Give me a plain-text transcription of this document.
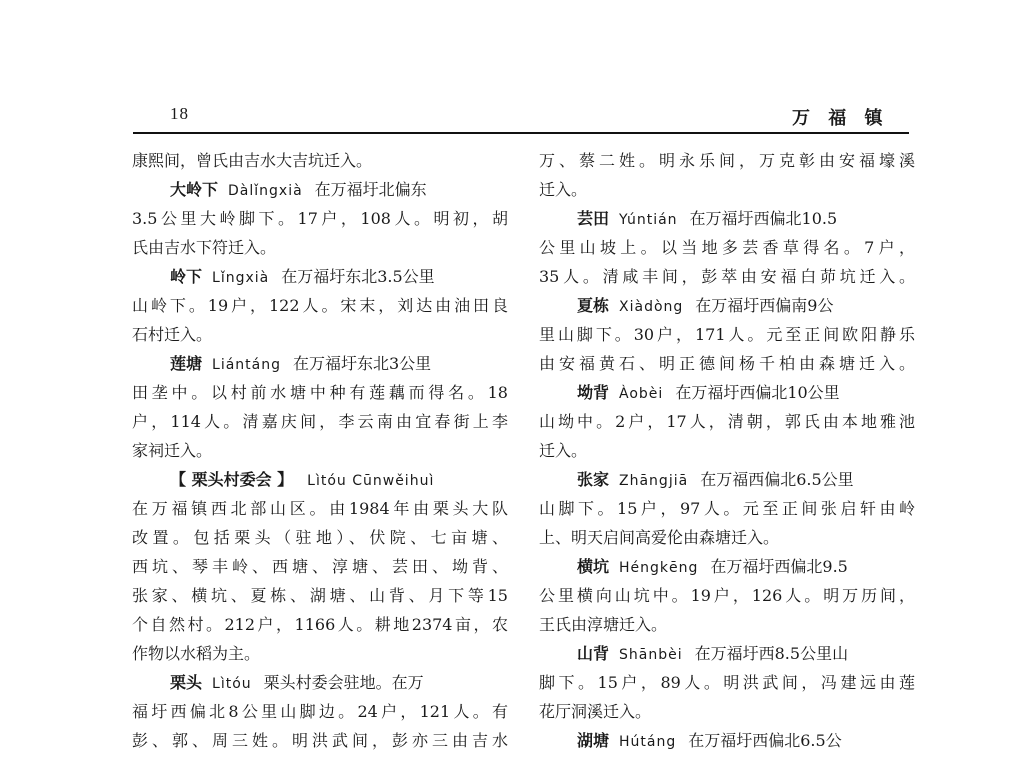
18	万 福 镇
康熙间，曾氏由吉水大吉坑迁入。
大岭下 Dàlǐngxià 在万福圩北偏东
3.5公里大岭脚下。17户，108人。明初，胡
氏由吉水下符迁入。
岭下 Lǐngxià 在万福圩东北3.5公里
山岭下。19户，122人。宋末，刘达由油田良
石村迁入。
莲塘 Liántáng 在万福圩东北3公里
田垄中。以村前水塘中种有莲藕而得名。18
户，114人。清嘉庆间，李云南由宜春街上李
家祠迁入。
【 栗头村委会 】 Lìtóu Cūnwěihuì
在万福镇西北部山区。由1984年由栗头大队
改置。包括栗头（驻地）、伏院、七亩塘、
西坑、琴丰岭、西塘、淳塘、芸田、坳背、
张家、横坑、夏栋、湖塘、山背、月下等15
个自然村。212户，1166人。耕地2374亩，农
作物以水稻为主。
栗头 Lìtóu 栗头村委会驻地。在万
福圩西偏北8公里山脚边。24户，121人。有
彭、郭、周三姓。明洪武间，彭亦三由吉水
万、蔡二姓。明永乐间，万克彰由安福壕溪
迁入。
芸田 Yúntián 在万福圩西偏北10.5
公里山坡上。以当地多芸香草得名。7户，
35人。清咸丰间，彭萃由安福白茆坑迁入。
夏栋 Xiàdòng 在万福圩西偏南9公
里山脚下。30户，171人。元至正间欧阳静乐
由安福黄石、明正德间杨千柏由森塘迁入。
坳背 Àobèi 在万福圩西偏北10公里
山坳中。2户，17人，清朝，郭氏由本地雅池
迁入。
张家 Zhāngjiā 在万福西偏北6.5公里
山脚下。15户，97人。元至正间张启轩由岭
上、明天启间高爱伦由森塘迁入。
横坑 Héngkēng 在万福圩西偏北9.5
公里横向山坑中。19户，126人。明万历间，
王氏由淳塘迁入。
山背 Shānbèi 在万福圩西8.5公里山
脚下。15户，89人。明洪武间，冯建远由莲
花厅洞溪迁入。
湖塘 Hútáng 在万福圩西偏北6.5公
